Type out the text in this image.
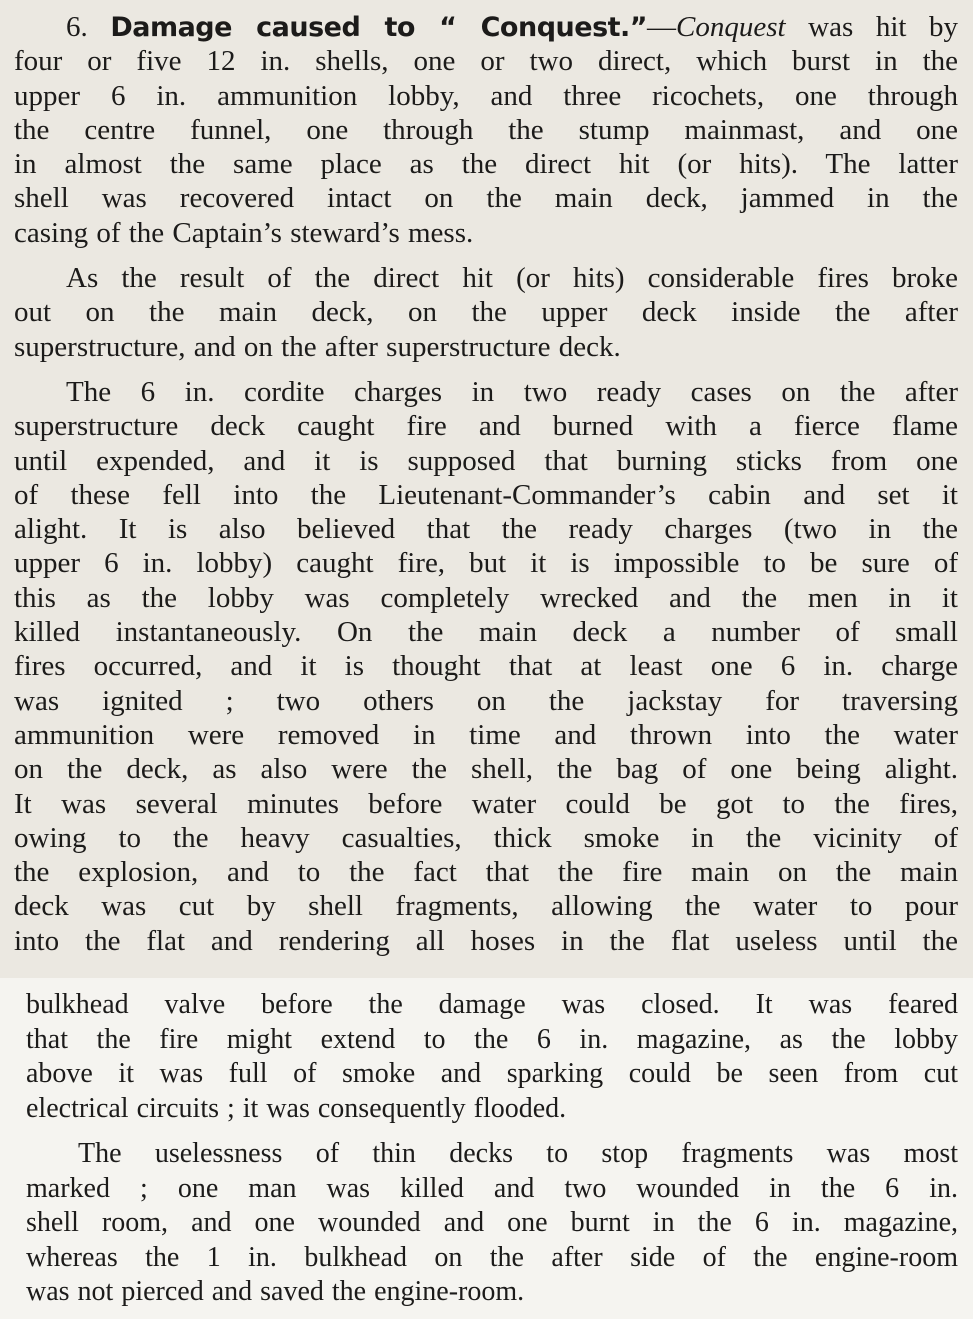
6. Damage caused to “ Conquest.”—Conquest was hit by
four or five 12 in. shells, one or two direct, which burst in the
upper 6 in. ammunition lobby, and three ricochets, one through
the centre funnel, one through the stump mainmast, and one
in almost the same place as the direct hit (or hits). The latter
shell was recovered intact on the main deck, jammed in the
casing of the Captain’s steward’s mess.
As the result of the direct hit (or hits) considerable fires broke
out on the main deck, on the upper deck inside the after
superstructure, and on the after superstructure deck.
The 6 in. cordite charges in two ready cases on the after
superstructure deck caught fire and burned with a fierce flame
until expended, and it is supposed that burning sticks from one
of these fell into the Lieutenant-Commander’s cabin and set it
alight. It is also believed that the ready charges (two in the
upper 6 in. lobby) caught fire, but it is impossible to be sure of
this as the lobby was completely wrecked and the men in it
killed instantaneously. On the main deck a number of small
fires occurred, and it is thought that at least one 6 in. charge
was ignited ; two others on the jackstay for traversing
ammunition were removed in time and thrown into the water
on the deck, as also were the shell, the bag of one being alight.
It was several minutes before water could be got to the fires,
owing to the heavy casualties, thick smoke in the vicinity of
the explosion, and to the fact that the fire main on the main
deck was cut by shell fragments, allowing the water to pour
into the flat and rendering all hoses in the flat useless until the
bulkhead valve before the damage was closed. It was feared
that the fire might extend to the 6 in. magazine, as the lobby
above it was full of smoke and sparking could be seen from cut
electrical circuits ; it was consequently flooded.
The uselessness of thin decks to stop fragments was most
marked ; one man was killed and two wounded in the 6 in.
shell room, and one wounded and one burnt in the 6 in. magazine,
whereas the 1 in. bulkhead on the after side of the engine-room
was not pierced and saved the engine-room.
